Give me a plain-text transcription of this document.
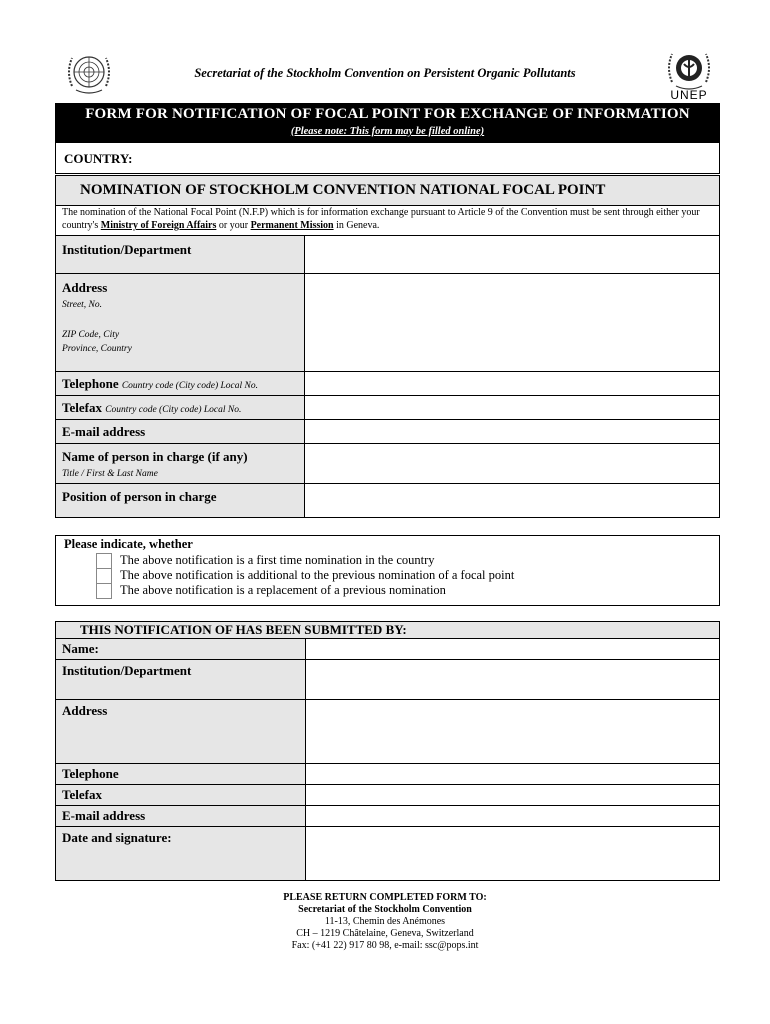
Secretariat of the Stockholm Convention on Persistent Organic Pollutants
UNEP
FORM FOR NOTIFICATION OF FOCAL POINT FOR EXCHANGE OF INFORMATION
(Please note: This form may be filled online)
COUNTRY:
NOMINATION OF STOCKHOLM CONVENTION NATIONAL FOCAL POINT	
The nomination of the National Focal Point (N.F.P) which is for information exchange pursuant to Article 9 of the Convention must be sent through either your country's Ministry of Foreign Affairs or your Permanent Mission in Geneva.	
Institution/Department	

Address
Street, No.
ZIP Code, City
Province, Country	

Telephone Country code (City code) Local No.	
Telefax Country code (City code) Local No.	
E-mail address	

Name of person in charge (if any)
Title / First & Last Name	

Position of person in charge	
Please indicate, whether
The above notification is a first time nomination in the country
The above notification is additional to the previous nomination of a focal point
The above notification is a replacement of a previous nomination
THIS NOTIFICATION OF HAS BEEN SUBMITTED BY:	
Name:	
Institution/Department	
Address	
Telephone	
Telefax	
E-mail address	
Date and signature:	
PLEASE RETURN COMPLETED FORM TO:
Secretariat of the Stockholm Convention
11-13, Chemin des Anémones
CH – 1219 Châtelaine, Geneva, Switzerland
Fax: (+41 22) 917 80 98, e-mail: ssc@pops.int
